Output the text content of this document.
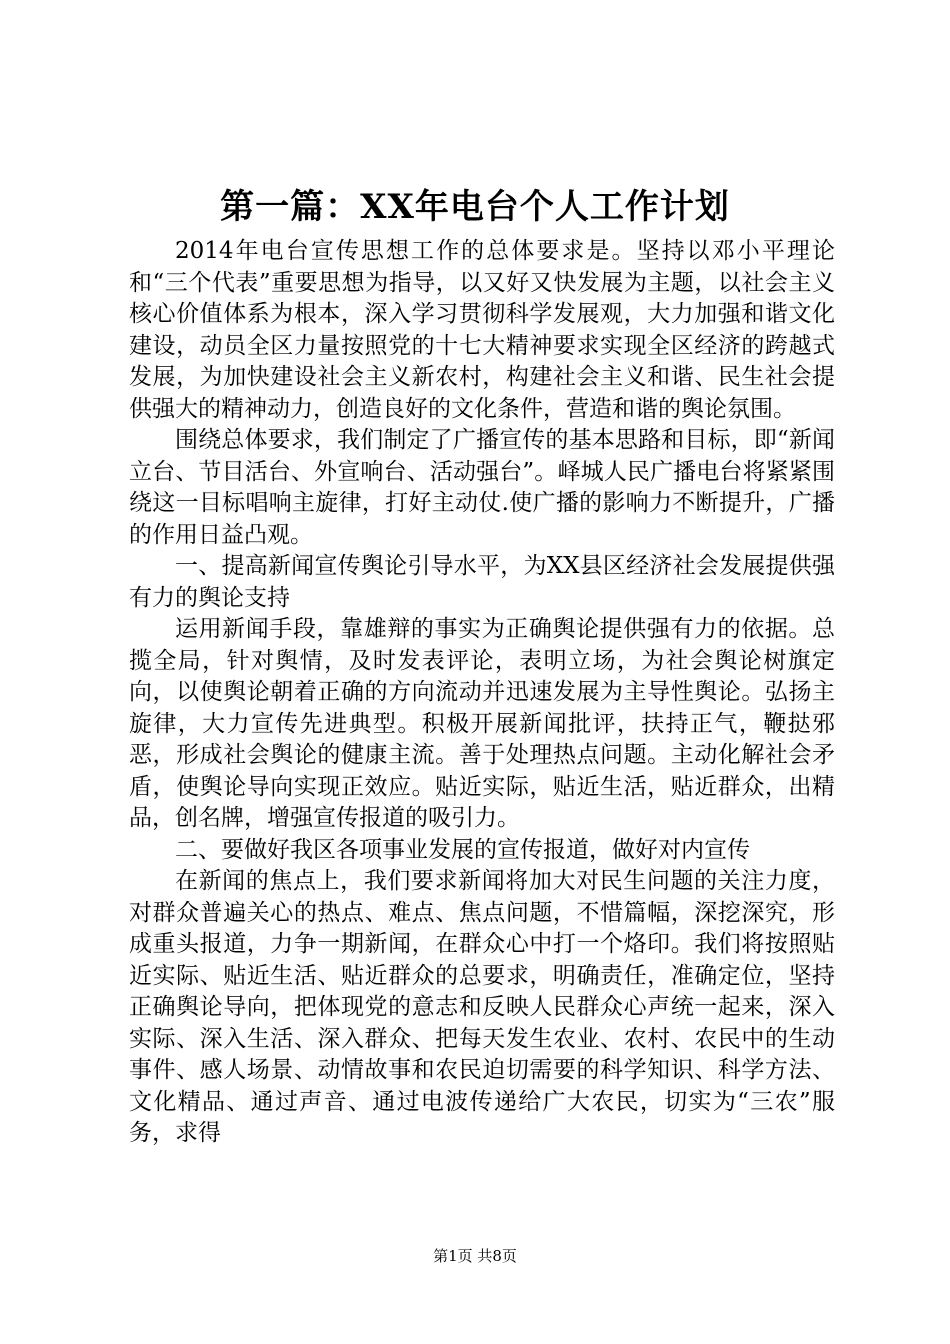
第一篇：XX年电台个人工作计划

2014年电台宣传思想工作的总体要求是。坚持以邓小平理论和“三个代表”重要思想为指导，以又好又快发展为主题，以社会主义核心价值体系为根本，深入学习贯彻科学发展观，大力加强和谐文化建设，动员全区力量按照党的十七大精神要求实现全区经济的跨越式发展，为加快建设社会主义新农村，构建社会主义和谐、民生社会提供强大的精神动力，创造良好的文化条件，营造和谐的舆论氛围。

围绕总体要求，我们制定了广播宣传的基本思路和目标，即“新闻立台、节目活台、外宣响台、活动强台”。峄城人民广播电台将紧紧围绕这一目标唱响主旋律，打好主动仗.使广播的影响力不断提升，广播的作用日益凸观。

一、提高新闻宣传舆论引导水平，为XX县区经济社会发展提供强有力的舆论支持

运用新闻手段，靠雄辩的事实为正确舆论提供强有力的依据。总揽全局，针对舆情，及时发表评论，表明立场，为社会舆论树旗定向，以使舆论朝着正确的方向流动并迅速发展为主导性舆论。弘扬主旋律，大力宣传先进典型。积极开展新闻批评，扶持正气，鞭挞邪恶，形成社会舆论的健康主流。善于处理热点问题。主动化解社会矛盾，使舆论导向实现正效应。贴近实际，贴近生活，贴近群众，出精品，创名牌，增强宣传报道的吸引力。

二、要做好我区各项事业发展的宣传报道，做好对内宣传

在新闻的焦点上，我们要求新闻将加大对民生问题的关注力度，对群众普遍关心的热点、难点、焦点问题，不惜篇幅，深挖深究，形成重头报道，力争一期新闻，在群众心中打一个烙印。我们将按照贴近实际、贴近生活、贴近群众的总要求，明确责任，准确定位，坚持正确舆论导向，把体现党的意志和反映人民群众心声统一起来，深入实际、深入生活、深入群众、把每天发生农业、农村、农民中的生动事件、感人场景、动情故事和农民迫切需要的科学知识、科学方法、文化精品、通过声音、通过电波传递给广大农民，切实为“三农”服务，求得

第1页 共8页
